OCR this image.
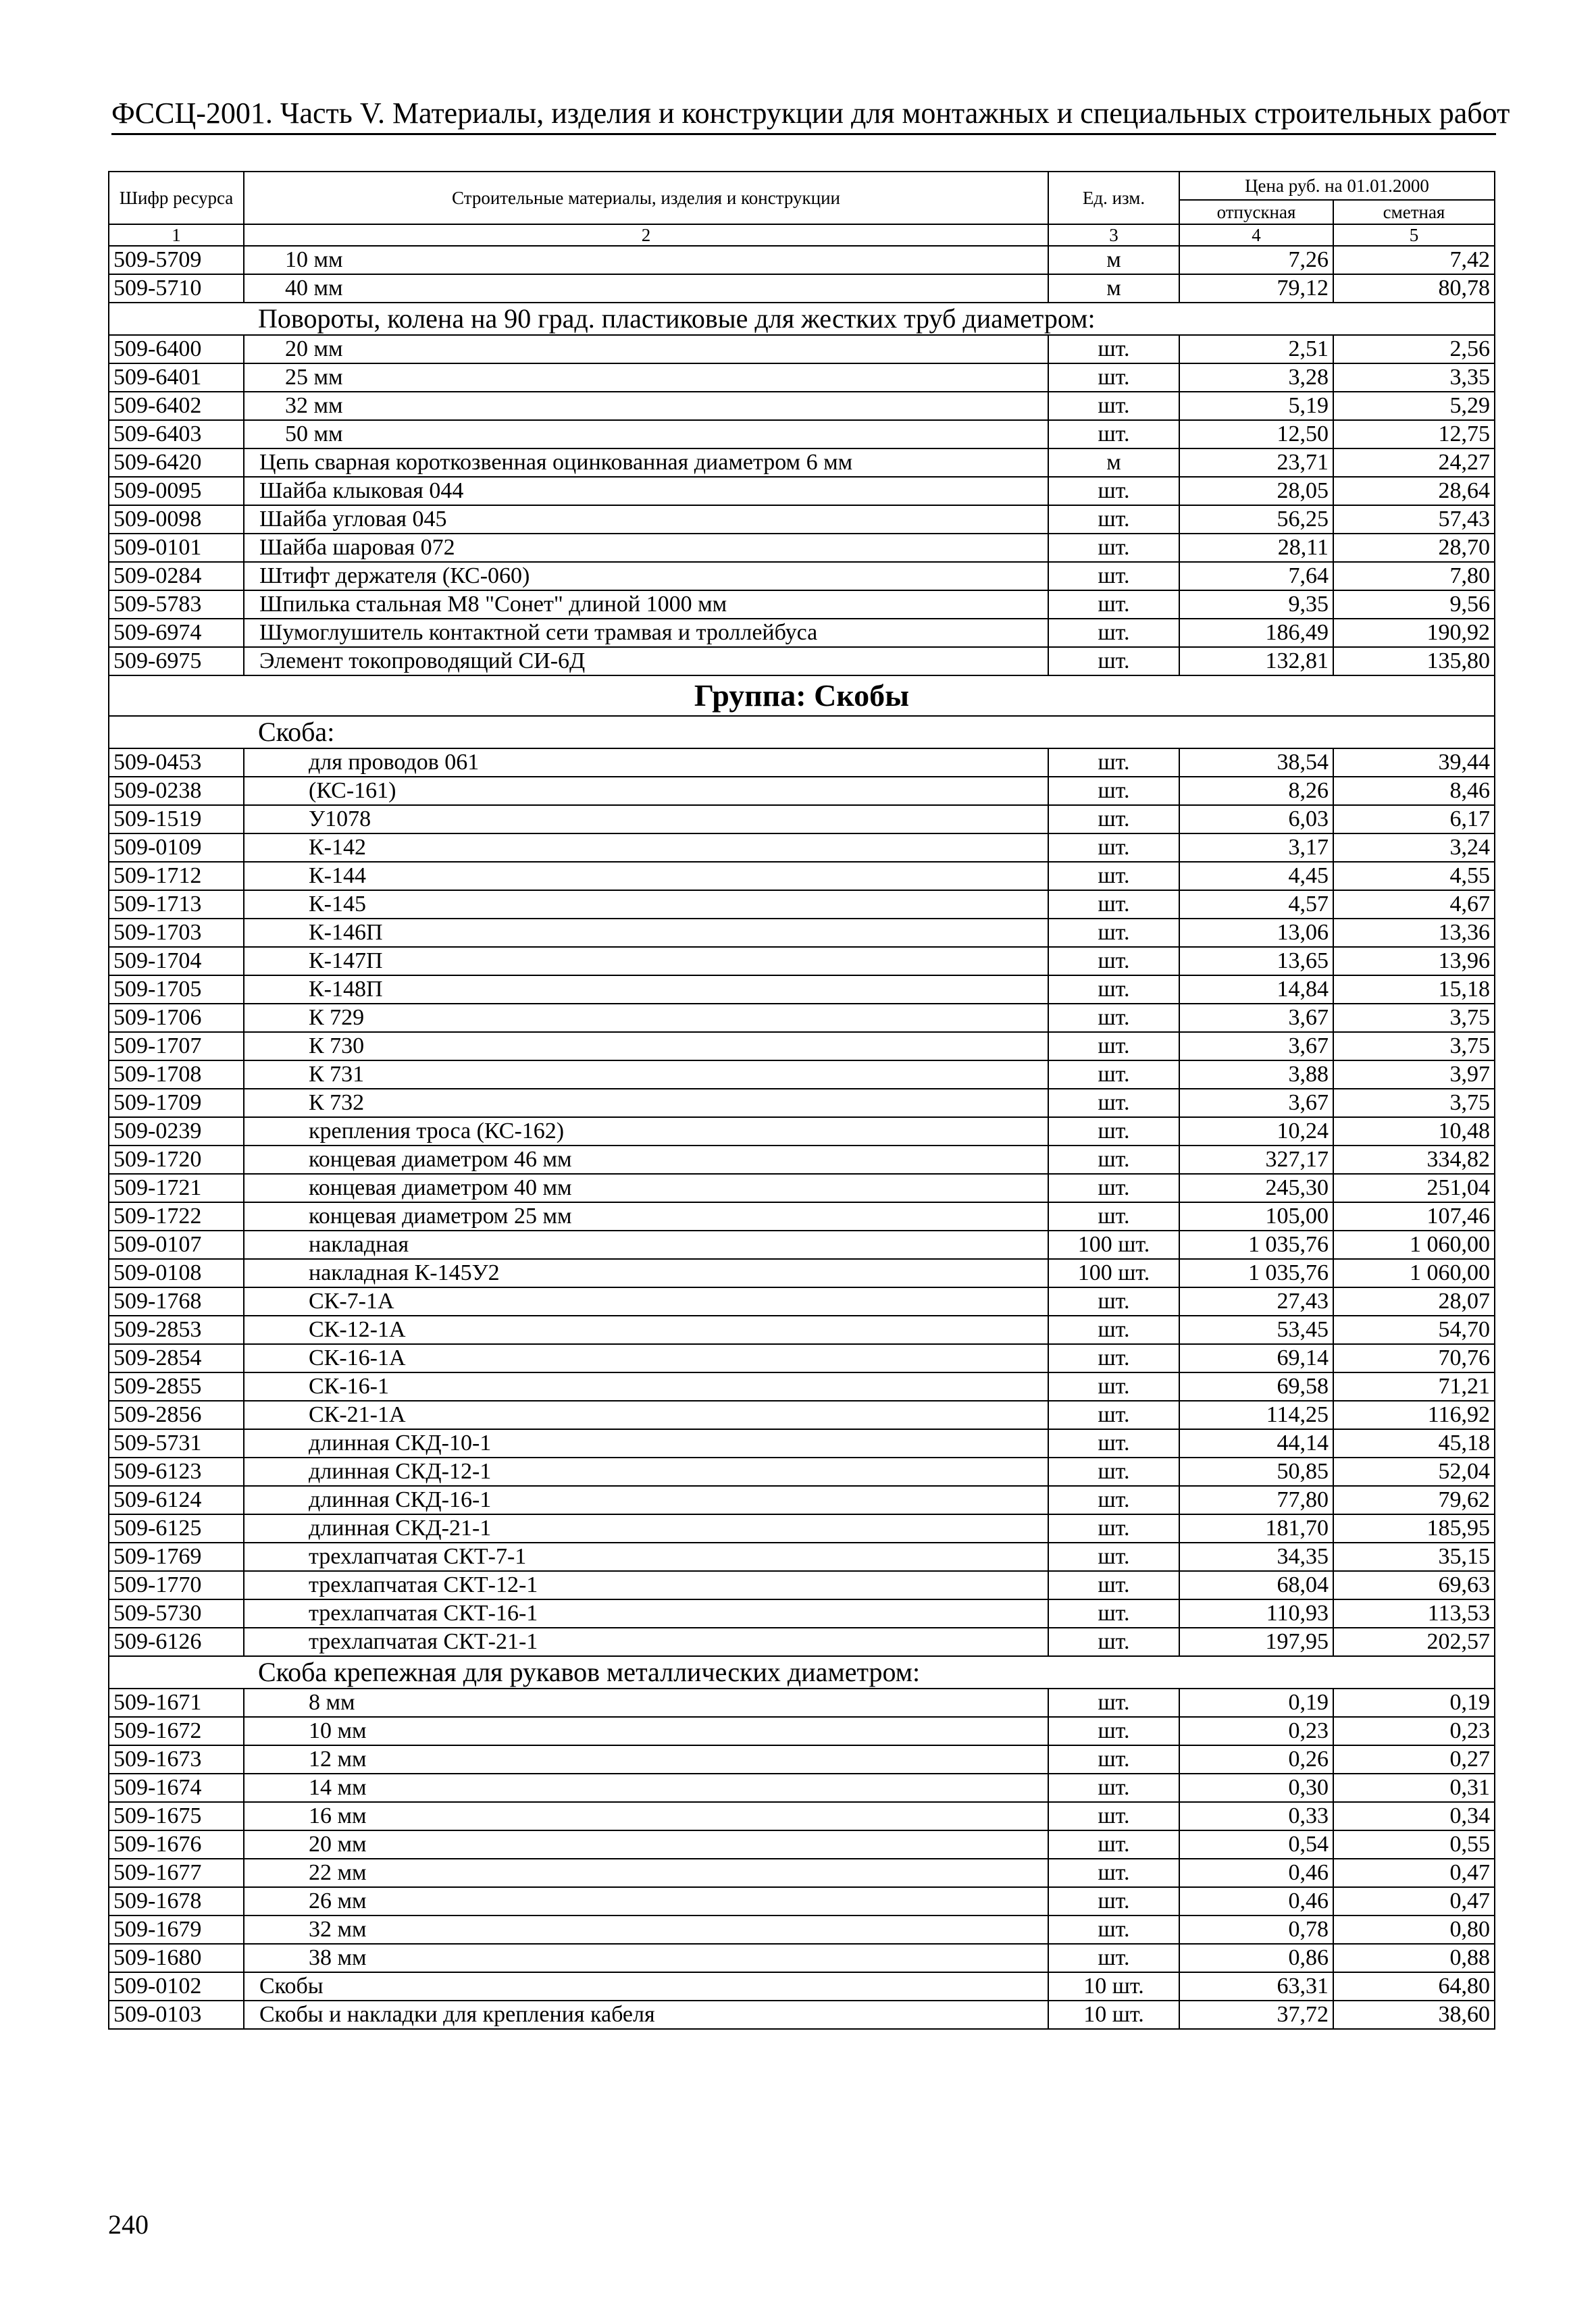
ФССЦ-2001. Часть V. Материалы, изделия и конструкции для монтажных и специальных строительных работ
Шифр ресурса	Строительные материалы, изделия и конструкции	Ед. изм.	Цена руб. на 01.01.2000	
			отпускная	сметная
1	2	3	4	5
509-5709	10 мм	м	7,26	7,42
509-5710	40 мм	м	79,12	80,78
Повороты, колена на 90 град. пластиковые для жестких труб диаметром:				
509-6400	20 мм	шт.	2,51	2,56
509-6401	25 мм	шт.	3,28	3,35
509-6402	32 мм	шт.	5,19	5,29
509-6403	50 мм	шт.	12,50	12,75
509-6420	Цепь сварная короткозвенная оцинкованная диаметром 6 мм	м	23,71	24,27
509-0095	Шайба клыковая 044	шт.	28,05	28,64
509-0098	Шайба угловая 045	шт.	56,25	57,43
509-0101	Шайба шаровая 072	шт.	28,11	28,70
509-0284	Штифт держателя (КС-060)	шт.	7,64	7,80
509-5783	Шпилька стальная М8 "Сонет" длиной 1000 мм	шт.	9,35	9,56
509-6974	Шумоглушитель контактной сети трамвая и троллейбуса	шт.	186,49	190,92
509-6975	Элемент токопроводящий СИ-6Д	шт.	132,81	135,80
Группа: Скобы				
Скоба:				
509-0453	для проводов 061	шт.	38,54	39,44
509-0238	(КС-161)	шт.	8,26	8,46
509-1519	У1078	шт.	6,03	6,17
509-0109	К-142	шт.	3,17	3,24
509-1712	К-144	шт.	4,45	4,55
509-1713	К-145	шт.	4,57	4,67
509-1703	К-146П	шт.	13,06	13,36
509-1704	К-147П	шт.	13,65	13,96
509-1705	К-148П	шт.	14,84	15,18
509-1706	К 729	шт.	3,67	3,75
509-1707	К 730	шт.	3,67	3,75
509-1708	К 731	шт.	3,88	3,97
509-1709	К 732	шт.	3,67	3,75
509-0239	крепления троса (КС-162)	шт.	10,24	10,48
509-1720	концевая диаметром 46 мм	шт.	327,17	334,82
509-1721	концевая диаметром 40 мм	шт.	245,30	251,04
509-1722	концевая диаметром 25 мм	шт.	105,00	107,46
509-0107	накладная	100 шт.	1 035,76	1 060,00
509-0108	накладная К-145У2	100 шт.	1 035,76	1 060,00
509-1768	СК-7-1А	шт.	27,43	28,07
509-2853	СК-12-1А	шт.	53,45	54,70
509-2854	СК-16-1А	шт.	69,14	70,76
509-2855	СК-16-1	шт.	69,58	71,21
509-2856	СК-21-1А	шт.	114,25	116,92
509-5731	длинная СКД-10-1	шт.	44,14	45,18
509-6123	длинная СКД-12-1	шт.	50,85	52,04
509-6124	длинная СКД-16-1	шт.	77,80	79,62
509-6125	длинная СКД-21-1	шт.	181,70	185,95
509-1769	трехлапчатая СКТ-7-1	шт.	34,35	35,15
509-1770	трехлапчатая СКТ-12-1	шт.	68,04	69,63
509-5730	трехлапчатая СКТ-16-1	шт.	110,93	113,53
509-6126	трехлапчатая СКТ-21-1	шт.	197,95	202,57
Скоба крепежная для рукавов металлических диаметром:				
509-1671	8 мм	шт.	0,19	0,19
509-1672	10 мм	шт.	0,23	0,23
509-1673	12 мм	шт.	0,26	0,27
509-1674	14 мм	шт.	0,30	0,31
509-1675	16 мм	шт.	0,33	0,34
509-1676	20 мм	шт.	0,54	0,55
509-1677	22 мм	шт.	0,46	0,47
509-1678	26 мм	шт.	0,46	0,47
509-1679	32 мм	шт.	0,78	0,80
509-1680	38 мм	шт.	0,86	0,88
509-0102	Скобы	10 шт.	63,31	64,80
509-0103	Скобы и накладки для крепления кабеля	10 шт.	37,72	38,60
240
